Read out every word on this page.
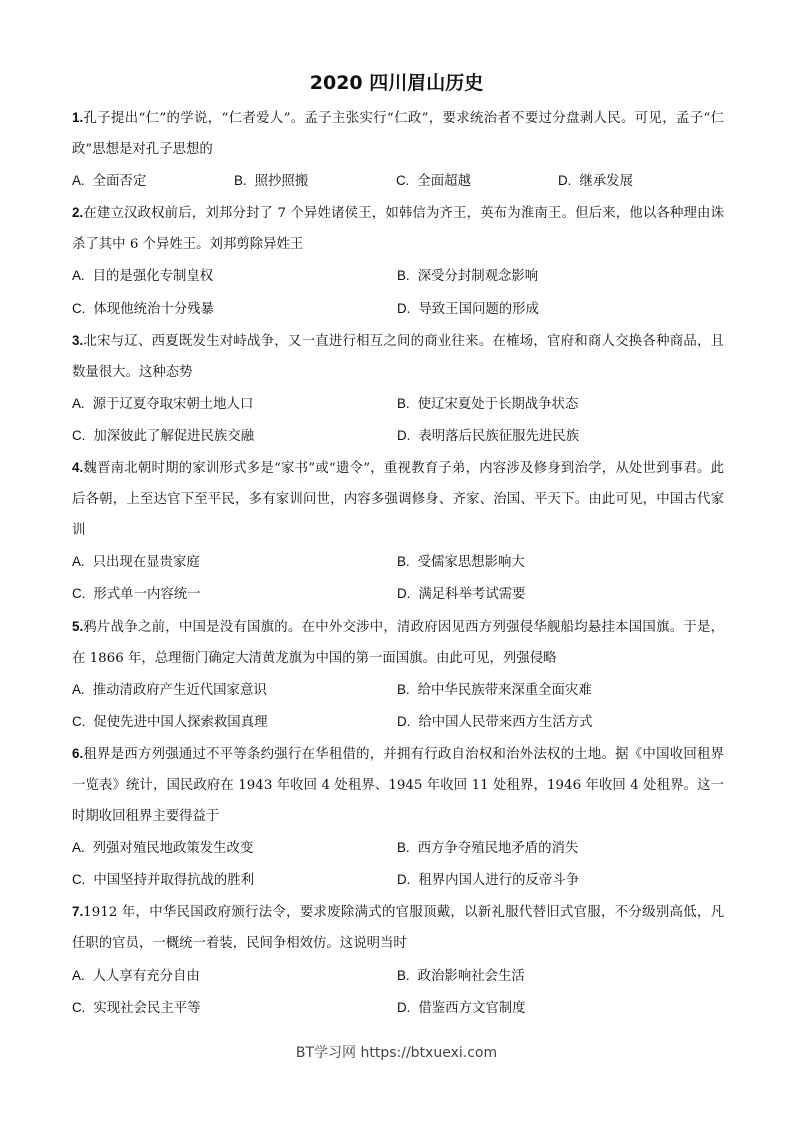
2020 四川眉山历史

1.孔子提出“仁”的学说，“仁者爱人”。孟子主张实行“仁政”，要求统治者不要过分盘剥人民。可见，孟子“仁政”思想是对孔子思想的

A. 全面否定	B. 照抄照搬	C. 全面超越	D. 继承发展

2.在建立汉政权前后，刘邦分封了 7 个异姓诸侯王，如韩信为齐王，英布为淮南王。但后来，他以各种理由诛杀了其中 6 个异姓王。刘邦剪除异姓王

A. 目的是强化专制皇权	B. 深受分封制观念影响
C. 体现他统治十分残暴	D. 导致王国问题的形成

3.北宋与辽、西夏既发生对峙战争，又一直进行相互之间的商业往来。在榷场，官府和商人交换各种商品，且数量很大。这种态势

A. 源于辽夏夺取宋朝土地人口	B. 使辽宋夏处于长期战争状态
C. 加深彼此了解促进民族交融	D. 表明落后民族征服先进民族

4.魏晋南北朝时期的家训形式多是“家书”或“遗令”，重视教育子弟，内容涉及修身到治学，从处世到事君。此后各朝，上至达官下至平民，多有家训问世，内容多强调修身、齐家、治国、平天下。由此可见，中国古代家训

A. 只出现在显贵家庭	B. 受儒家思想影响大
C. 形式单一内容统一	D. 满足科举考试需要

5.鸦片战争之前，中国是没有国旗的。在中外交涉中，清政府因见西方列强侵华舰船均悬挂本国国旗。于是，在 1866 年，总理衙门确定大清黄龙旗为中国的第一面国旗。由此可见，列强侵略

A. 推动清政府产生近代国家意识	B. 给中华民族带来深重全面灾难
C. 促使先进中国人探索救国真理	D. 给中国人民带来西方生活方式

6.租界是西方列强通过不平等条约强行在华租借的，并拥有行政自治权和治外法权的土地。据《中国收回租界一览表》统计，国民政府在 1943 年收回 4 处租界、1945 年收回 11 处租界，1946 年收回 4 处租界。这一时期收回租界主要得益于

A. 列强对殖民地政策发生改变	B. 西方争夺殖民地矛盾的消失
C. 中国坚持并取得抗战的胜利	D. 租界内国人进行的反帝斗争

7.1912 年，中华民国政府颁行法令，要求废除满式的官服顶戴，以新礼服代替旧式官服，不分级别高低，凡任职的官员，一概统一着装，民间争相效仿。这说明当时

A. 人人享有充分自由	B. 政治影响社会生活
C. 实现社会民主平等	D. 借鉴西方文官制度
BT学习网 https://btxuexi.com
